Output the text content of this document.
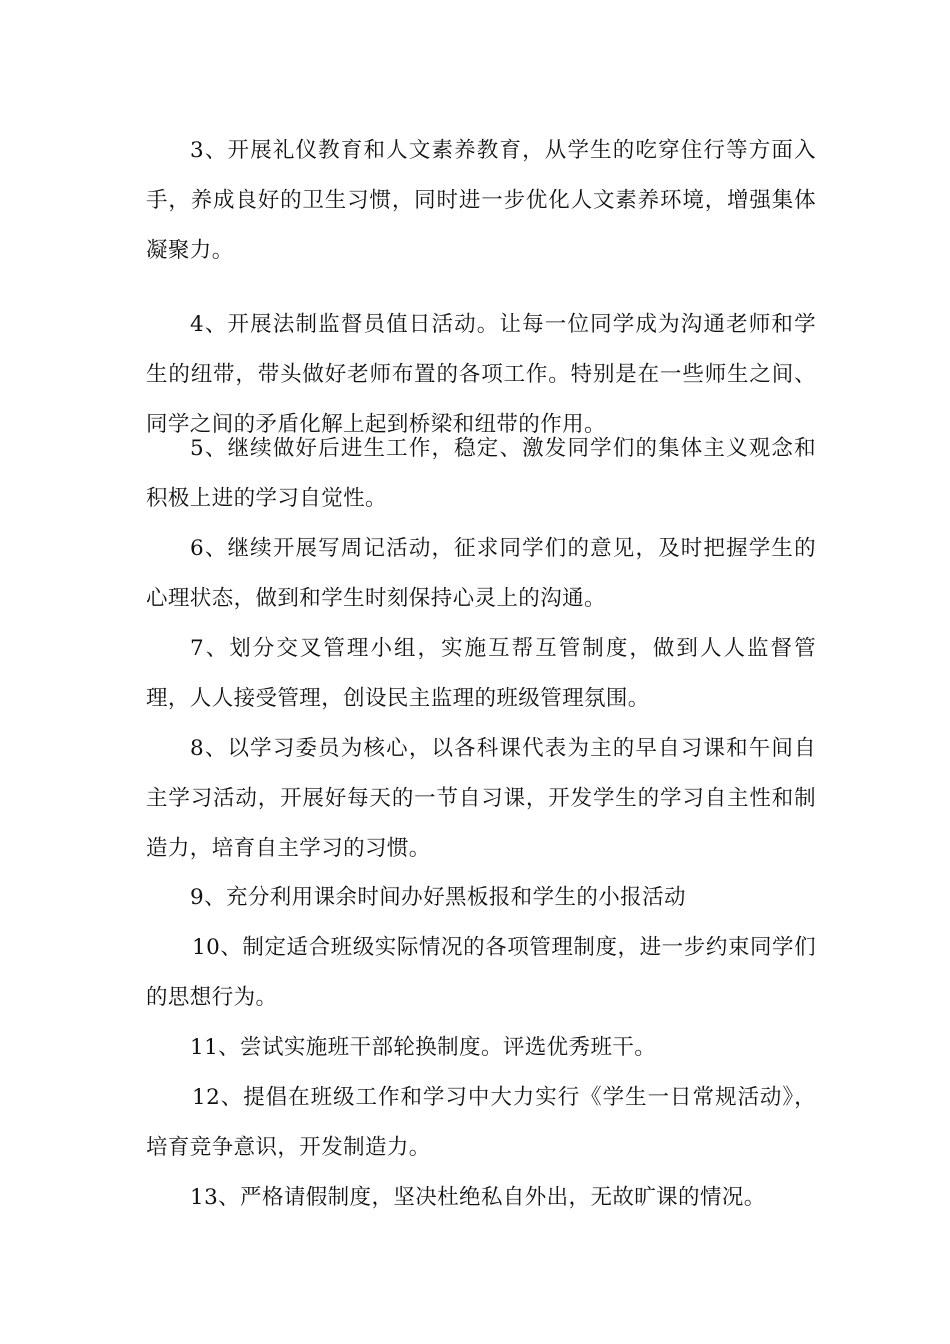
3、开展礼仪教育和人文素养教育，从学生的吃穿住行等方面入手，养成良好的卫生习惯，同时进一步优化人文素养环境，增强集体凝聚力。

4、开展法制监督员值日活动。让每一位同学成为沟通老师和学生的纽带，带头做好老师布置的各项工作。特别是在一些师生之间、同学之间的矛盾化解上起到桥梁和纽带的作用。

5、继续做好后进生工作，稳定、激发同学们的集体主义观念和积极上进的学习自觉性。

6、继续开展写周记活动，征求同学们的意见，及时把握学生的心理状态，做到和学生时刻保持心灵上的沟通。

7、划分交叉管理小组，实施互帮互管制度，做到人人监督管理，人人接受管理，创设民主监理的班级管理氛围。

8、以学习委员为核心，以各科课代表为主的早自习课和午间自主学习活动，开展好每天的一节自习课，开发学生的学习自主性和制造力，培育自主学习的习惯。

9、充分利用课余时间办好黑板报和学生的小报活动

10、制定适合班级实际情况的各项管理制度，进一步约束同学们的思想行为。

11、尝试实施班干部轮换制度。评选优秀班干。

12、提倡在班级工作和学习中大力实行《学生一日常规活动》，培育竞争意识，开发制造力。

13、严格请假制度，坚决杜绝私自外出，无故旷课的情况。
